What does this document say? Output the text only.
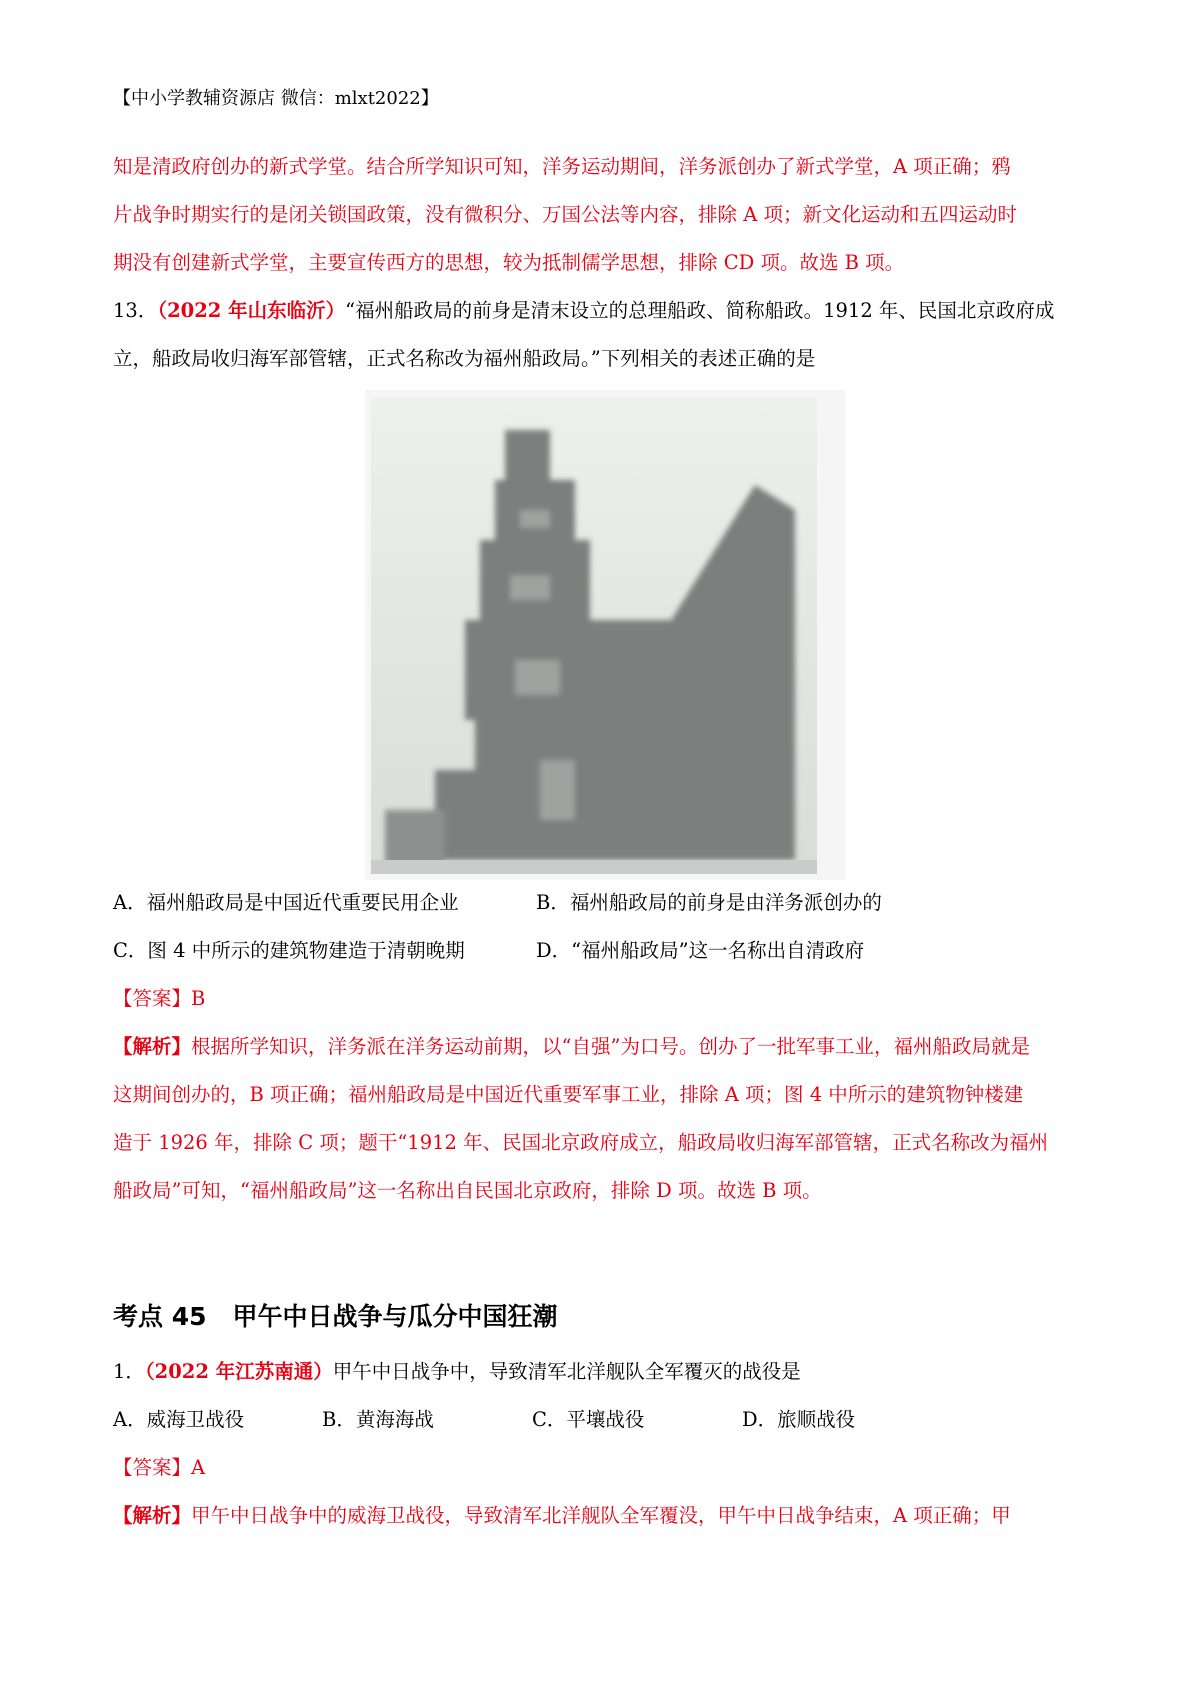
【中小学教辅资源店 微信：mlxt2022】
知是清政府创办的新式学堂。结合所学知识可知，洋务运动期间，洋务派创办了新式学堂，A 项正确；鸦
片战争时期实行的是闭关锁国政策，没有微积分、万国公法等内容，排除 A 项；新文化运动和五四运动时
期没有创建新式学堂，主要宣传西方的思想，较为抵制儒学思想，排除 CD 项。故选 B 项。
13．（2022 年山东临沂）“福州船政局的前身是清末设立的总理船政、简称船政。1912 年、民国北京政府成
立，船政局收归海军部管辖，正式名称改为福州船政局。”下列相关的表述正确的是
A．福州船政局是中国近代重要民用企业	B．福州船政局的前身是由洋务派创办的
C．图 4 中所示的建筑物建造于清朝晚期	D．“福州船政局”这一名称出自清政府
【答案】B
【解析】根据所学知识，洋务派在洋务运动前期，以“自强”为口号。创办了一批军事工业，福州船政局就是
这期间创办的，B 项正确；福州船政局是中国近代重要军事工业，排除 A 项；图 4 中所示的建筑物钟楼建
造于 1926 年，排除 C 项；题干“1912 年、民国北京政府成立，船政局收归海军部管辖，正式名称改为福州
船政局”可知，“福州船政局”这一名称出自民国北京政府，排除 D 项。故选 B 项。
考点 45 甲午中日战争与瓜分中国狂潮
1．（2022 年江苏南通）甲午中日战争中，导致清军北洋舰队全军覆灭的战役是
A．威海卫战役	B．黄海海战	C．平壤战役	D．旅顺战役
【答案】A
【解析】甲午中日战争中的威海卫战役，导致清军北洋舰队全军覆没，甲午中日战争结束，A 项正确；甲
